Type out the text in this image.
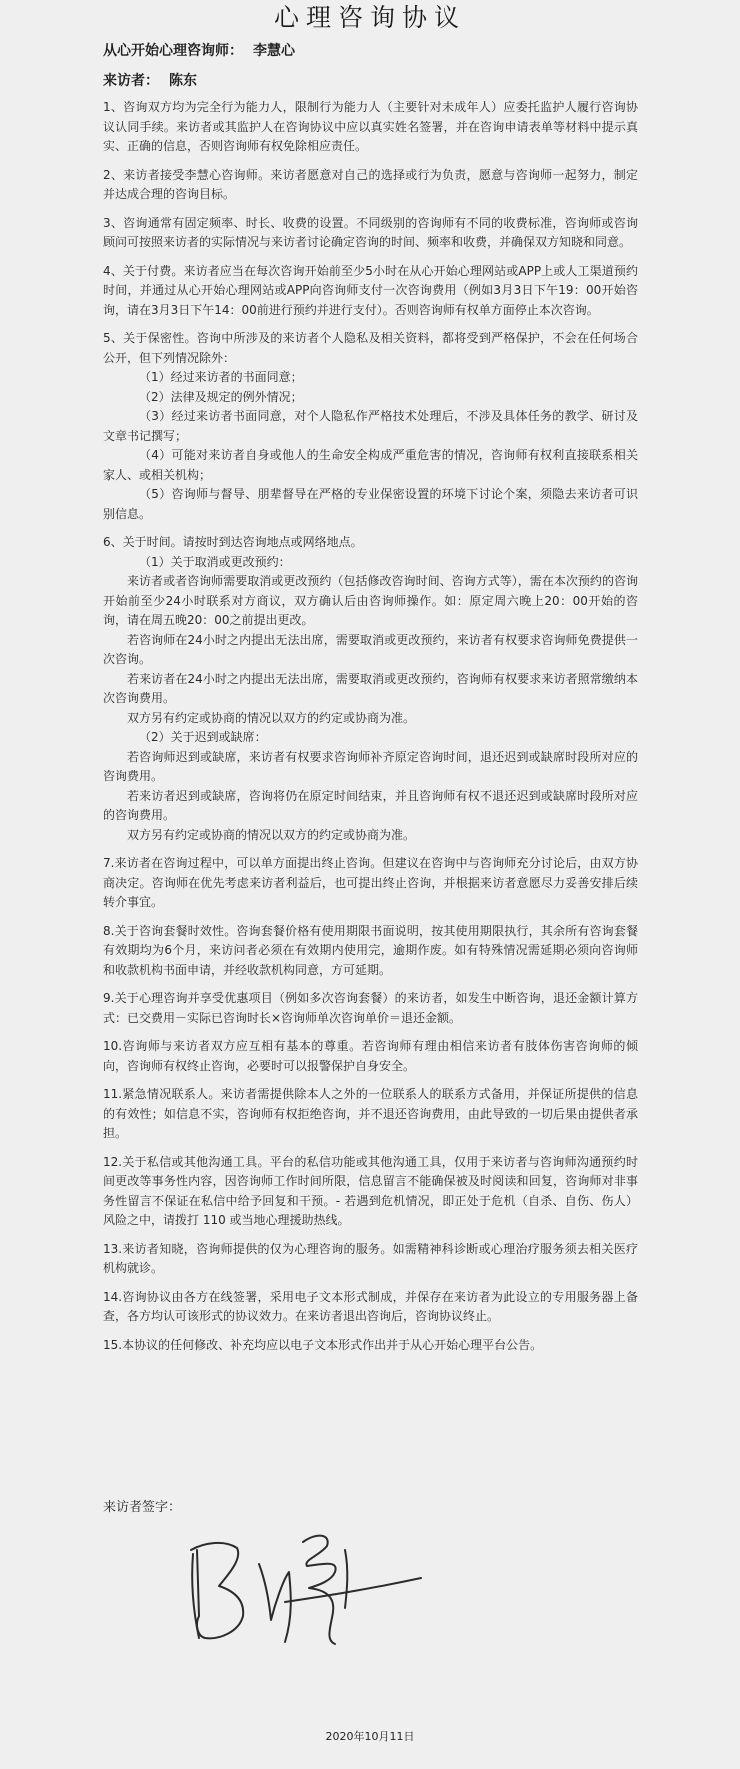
心理咨询协议

从心开始心理咨询师： 李慧心

来访者： 陈东

1、咨询双方均为完全行为能力人，限制行为能力人（主要针对未成年人）应委托监护人履行咨询协议认同手续。来访者或其监护人在咨询协议中应以真实姓名签署，并在咨询申请表单等材料中提示真实、正确的信息，否则咨询师有权免除相应责任。

2、来访者接受李慧心咨询师。来访者愿意对自己的选择或行为负责，愿意与咨询师一起努力，制定并达成合理的咨询目标。

3、咨询通常有固定频率、时长、收费的设置。不同级别的咨询师有不同的收费标准，咨询师或咨询顾问可按照来访者的实际情况与来访者讨论确定咨询的时间、频率和收费，并确保双方知晓和同意。

4、关于付费。来访者应当在每次咨询开始前至少5小时在从心开始心理网站或APP上或人工渠道预约时间，并通过从心开始心理网站或APP向咨询师支付一次咨询费用（例如3月3日下午19：00开始咨询，请在3月3日下午14：00前进行预约并进行支付）。否则咨询师有权单方面停止本次咨询。

5、关于保密性。咨询中所涉及的来访者个人隐私及相关资料，都将受到严格保护，不会在任何场合公开，但下列情况除外：

（1）经过来访者的书面同意；

（2）法律及规定的例外情况；

（3）经过来访者书面同意，对个人隐私作严格技术处理后，不涉及具体任务的教学、研讨及文章书记撰写；

（4）可能对来访者自身或他人的生命安全构成严重危害的情况，咨询师有权利直接联系相关家人、或相关机构；

（5）咨询师与督导、朋辈督导在严格的专业保密设置的环境下讨论个案，须隐去来访者可识别信息。

6、关于时间。请按时到达咨询地点或网络地点。

（1）关于取消或更改预约：

来访者或者咨询师需要取消或更改预约（包括修改咨询时间、咨询方式等），需在本次预约的咨询开始前至少24小时联系对方商议，双方确认后由咨询师操作。如：原定周六晚上20：00开始的咨询，请在周五晚20：00之前提出更改。

若咨询师在24小时之内提出无法出席，需要取消或更改预约，来访者有权要求咨询师免费提供一次咨询。

若来访者在24小时之内提出无法出席，需要取消或更改预约，咨询师有权要求来访者照常缴纳本次咨询费用。

双方另有约定或协商的情况以双方的约定或协商为准。

（2）关于迟到或缺席：

若咨询师迟到或缺席，来访者有权要求咨询师补齐原定咨询时间，退还迟到或缺席时段所对应的咨询费用。

若来访者迟到或缺席，咨询将仍在原定时间结束，并且咨询师有权不退还迟到或缺席时段所对应的咨询费用。

双方另有约定或协商的情况以双方的约定或协商为准。

7.来访者在咨询过程中，可以单方面提出终止咨询。但建议在咨询中与咨询师充分讨论后，由双方协商决定。咨询师在优先考虑来访者利益后，也可提出终止咨询，并根据来访者意愿尽力妥善安排后续转介事宜。

8.关于咨询套餐时效性。咨询套餐价格有使用期限书面说明，按其使用期限执行，其余所有咨询套餐有效期均为6个月，来访问者必须在有效期内使用完，逾期作废。如有特殊情况需延期必须向咨询师和收款机构书面申请，并经收款机构同意，方可延期。

9.关于心理咨询并享受优惠项目（例如多次咨询套餐）的来访者，如发生中断咨询，退还金额计算方式：已交费用－实际已咨询时长×咨询师单次咨询单价＝退还金额。

10.咨询师与来访者双方应互相有基本的尊重。若咨询师有理由相信来访者有肢体伤害咨询师的倾向，咨询师有权终止咨询，必要时可以报警保护自身安全。

11.紧急情况联系人。来访者需提供除本人之外的一位联系人的联系方式备用，并保证所提供的信息的有效性；如信息不实，咨询师有权拒绝咨询，并不退还咨询费用，由此导致的一切后果由提供者承担。

12.关于私信或其他沟通工具。平台的私信功能或其他沟通工具，仅用于来访者与咨询师沟通预约时间更改等事务性内容，因咨询师工作时间所限，信息留言不能确保被及时阅读和回复，咨询师对非事务性留言不保证在私信中给予回复和干预。- 若遇到危机情况，即正处于危机（自杀、自伤、伤人）风险之中，请拨打 110 或当地心理援助热线。

13.来访者知晓，咨询师提供的仅为心理咨询的服务。如需精神科诊断或心理治疗服务须去相关医疗机构就诊。

14.咨询协议由各方在线签署，采用电子文本形式制成，并保存在来访者为此设立的专用服务器上备查，各方均认可该形式的协议效力。在来访者退出咨询后，咨询协议终止。

15.本协议的任何修改、补充均应以电子文本形式作出并于从心开始心理平台公告。

来访者签字：

2020年10月11日
